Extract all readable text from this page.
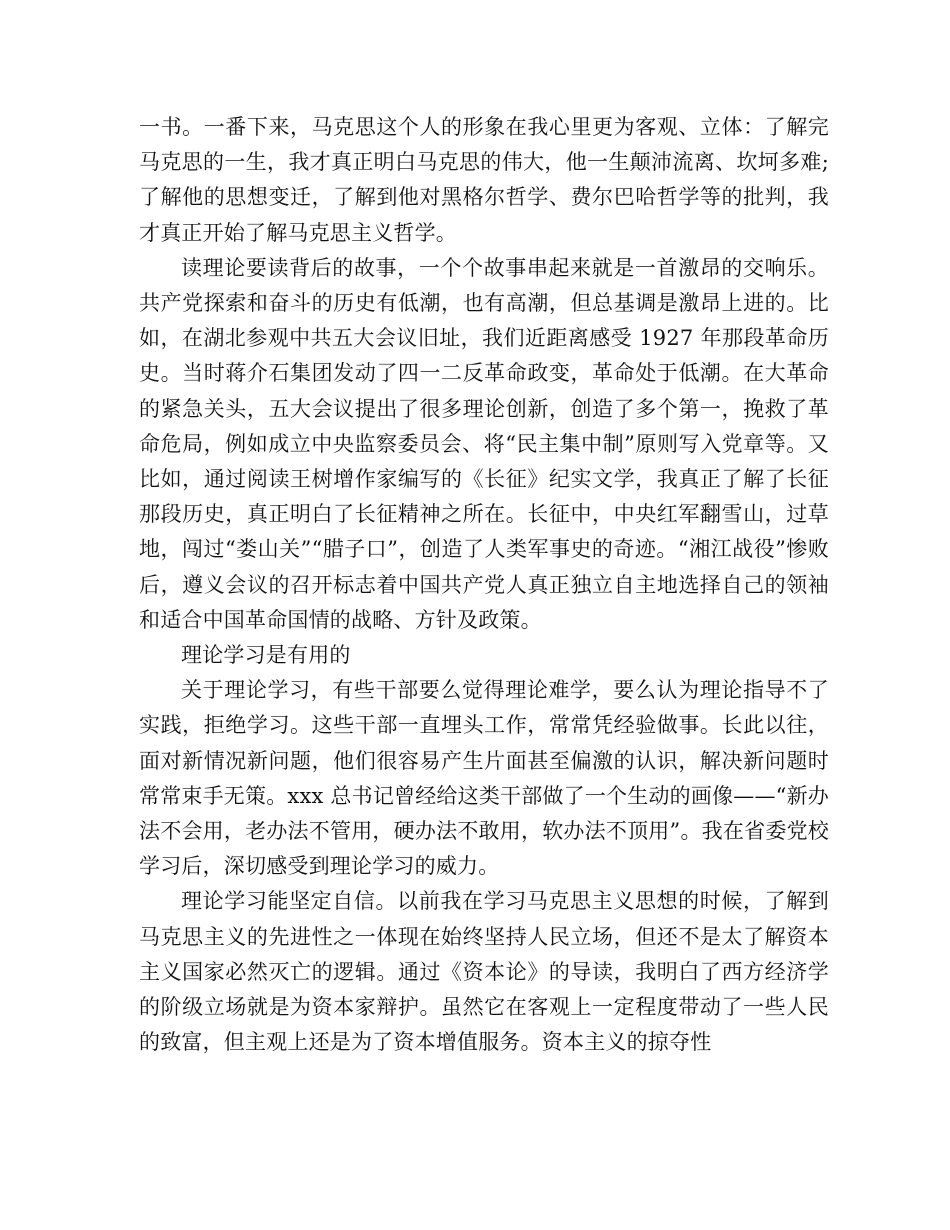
一书。一番下来，马克思这个人的形象在我心里更为客观、立体：了解完马克思的一生，我才真正明白马克思的伟大，他一生颠沛流离、坎坷多难;了解他的思想变迁，了解到他对黑格尔哲学、费尔巴哈哲学等的批判，我才真正开始了解马克思主义哲学。

读理论要读背后的故事，一个个故事串起来就是一首激昂的交响乐。共产党探索和奋斗的历史有低潮，也有高潮，但总基调是激昂上进的。比如，在湖北参观中共五大会议旧址，我们近距离感受 1927 年那段革命历史。当时蒋介石集团发动了四一二反革命政变，革命处于低潮。在大革命的紧急关头，五大会议提出了很多理论创新，创造了多个第一，挽救了革命危局，例如成立中央监察委员会、将“民主集中制”原则写入党章等。又比如，通过阅读王树增作家编写的《长征》纪实文学，我真正了解了长征那段历史，真正明白了长征精神之所在。长征中，中央红军翻雪山，过草地，闯过“娄山关”“腊子口”，创造了人类军事史的奇迹。“湘江战役”惨败后，遵义会议的召开标志着中国共产党人真正独立自主地选择自己的领袖和适合中国革命国情的战略、方针及政策。

理论学习是有用的

关于理论学习，有些干部要么觉得理论难学，要么认为理论指导不了实践，拒绝学习。这些干部一直埋头工作，常常凭经验做事。长此以往，面对新情况新问题，他们很容易产生片面甚至偏激的认识，解决新问题时常常束手无策。xxx 总书记曾经给这类干部做了一个生动的画像——“新办法不会用，老办法不管用，硬办法不敢用，软办法不顶用”。我在省委党校学习后，深切感受到理论学习的威力。

理论学习能坚定自信。以前我在学习马克思主义思想的时候，了解到马克思主义的先进性之一体现在始终坚持人民立场，但还不是太了解资本主义国家必然灭亡的逻辑。通过《资本论》的导读，我明白了西方经济学的阶级立场就是为资本家辩护。虽然它在客观上一定程度带动了一些人民的致富，但主观上还是为了资本增值服务。资本主义的掠夺性
